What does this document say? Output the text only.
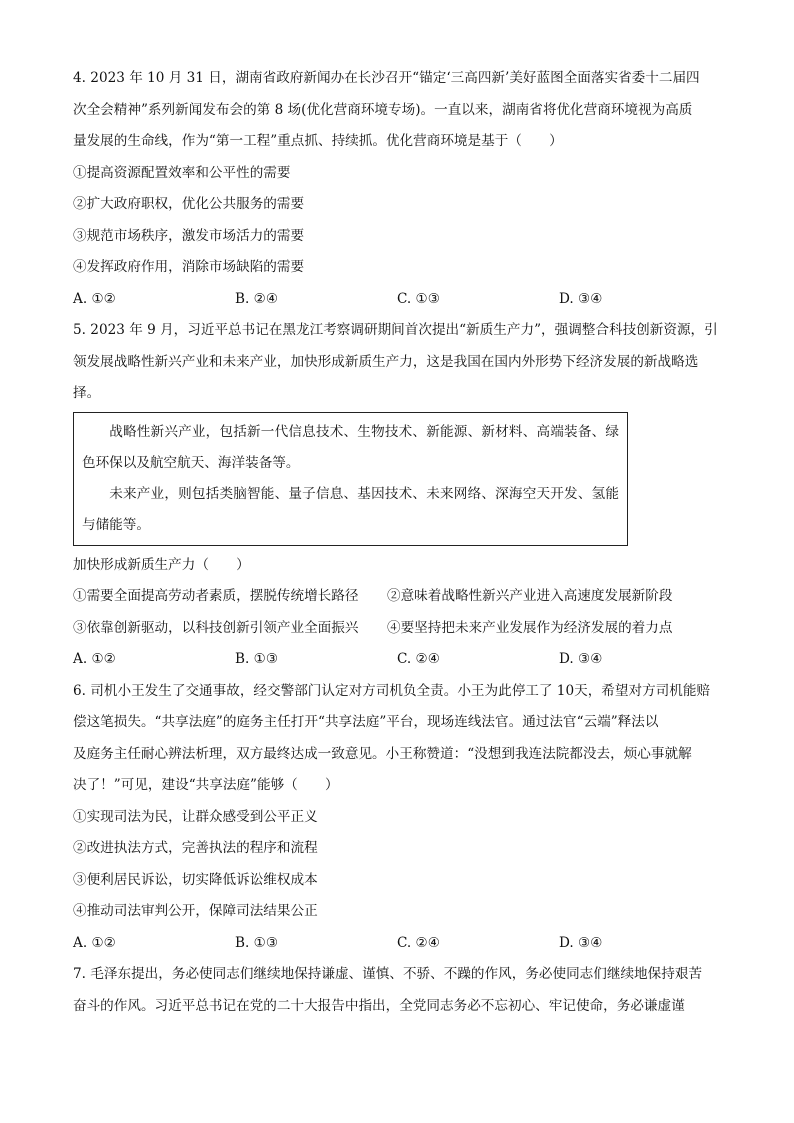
4. 2023 年 10 月 31 日，湖南省政府新闻办在长沙召开“锚定‘三高四新’美好蓝图全面落实省委十二届四
次全会精神”系列新闻发布会的第 8 场(优化营商环境专场)。一直以来，湖南省将优化营商环境视为高质
量发展的生命线，作为“第一工程”重点抓、持续抓。优化营商环境是基于（　　）
①提高资源配置效率和公平性的需要
②扩大政府职权，优化公共服务的需要
③规范市场秩序，激发市场活力的需要
④发挥政府作用，消除市场缺陷的需要
A. ①②	B. ②④	C. ①③	D. ③④
5. 2023 年 9 月，习近平总书记在黑龙江考察调研期间首次提出“新质生产力”，强调整合科技创新资源，引
领发展战略性新兴产业和未来产业，加快形成新质生产力，这是我国在国内外形势下经济发展的新战略选
择。

战略性新兴产业，包括新一代信息技术、生物技术、新能源、新材料、高端装备、绿色环保以及航空航天、海洋装备等。

未来产业，则包括类脑智能、量子信息、基因技术、未来网络、深海空天开发、氢能与储能等。

加快形成新质生产力（　　）
①需要全面提高劳动者素质，摆脱传统增长路径	②意味着战略性新兴产业进入高速度发展新阶段
③依靠创新驱动，以科技创新引领产业全面振兴	④要坚持把未来产业发展作为经济发展的着力点
A. ①②	B. ①③	C. ②④	D. ③④
6. 司机小王发生了交通事故，经交警部门认定对方司机负全责。小王为此停工了 10天，希望对方司机能赔
偿这笔损失。“共享法庭”的庭务主任打开“共享法庭”平台，现场连线法官。通过法官“云端”释法以
及庭务主任耐心辨法析理，双方最终达成一致意见。小王称赞道：“没想到我连法院都没去，烦心事就解
决了！”可见，建设“共享法庭”能够（　　）
①实现司法为民，让群众感受到公平正义
②改进执法方式，完善执法的程序和流程
③便利居民诉讼，切实降低诉讼维权成本
④推动司法审判公开，保障司法结果公正
A. ①②	B. ①③	C. ②④	D. ③④
7. 毛泽东提出，务必使同志们继续地保持谦虚、谨慎、不骄、不躁的作风，务必使同志们继续地保持艰苦
奋斗的作风。习近平总书记在党的二十大报告中指出，全党同志务必不忘初心、牢记使命，务必谦虚谨
